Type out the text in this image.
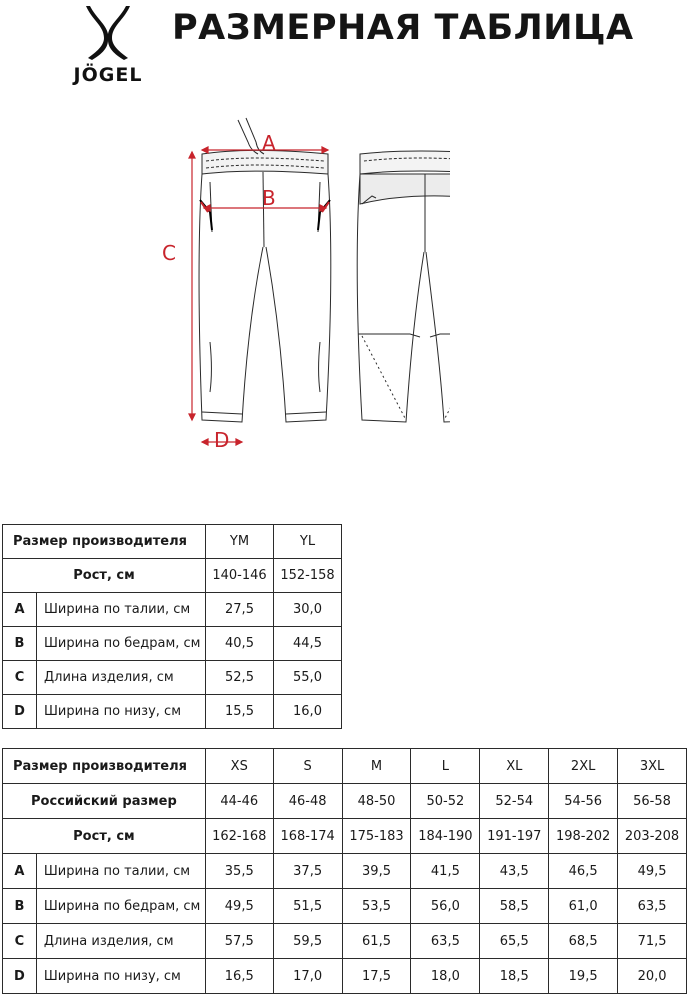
JÖGEL
РАЗМЕРНАЯ ТАБЛИЦА
A
B
C
D
Размер производителя		YM	YL
Рост, см		140-146	152-158
A	Ширина по талии, см	27,5	30,0
B	Ширина по бедрам, см	40,5	44,5
C	Длина изделия, см	52,5	55,0
D	Ширина по низу, см	15,5	16,0
Размер производителя		XS	S	M	L	XL	2XL	3XL
Российский размер		44-46	46-48	48-50	50-52	52-54	54-56	56-58
Рост, см		162-168	168-174	175-183	184-190	191-197	198-202	203-208
A	Ширина по талии, см	35,5	37,5	39,5	41,5	43,5	46,5	49,5
B	Ширина по бедрам, см	49,5	51,5	53,5	56,0	58,5	61,0	63,5
C	Длина изделия, см	57,5	59,5	61,5	63,5	65,5	68,5	71,5
D	Ширина по низу, см	16,5	17,0	17,5	18,0	18,5	19,5	20,0
